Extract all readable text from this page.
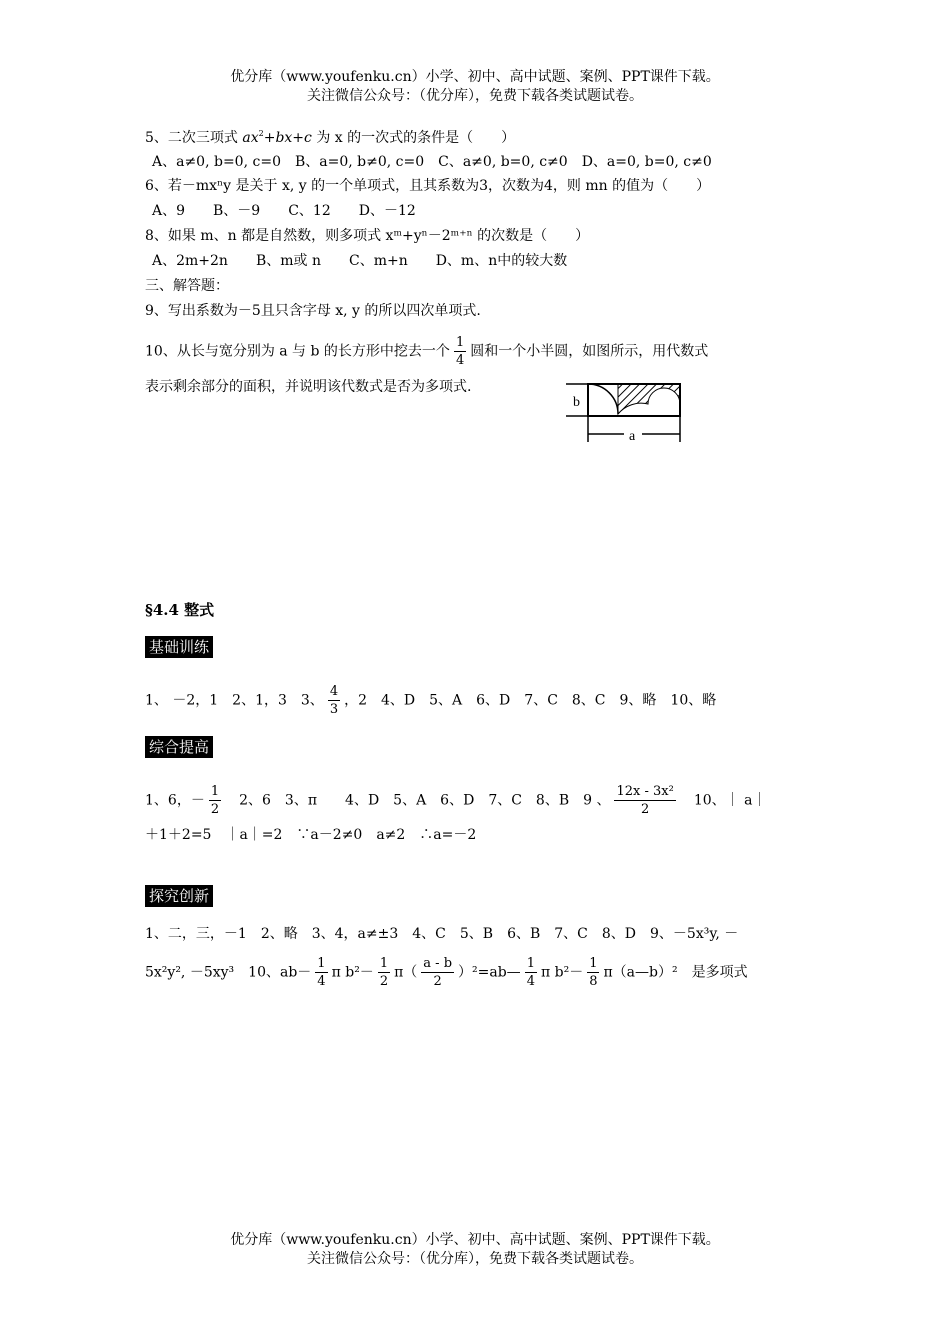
优分库（www.youfenku.cn）小学、初中、高中试题、案例、PPT课件下载。
关注微信公众号：（优分库），免费下载各类试题试卷。
5、二次三项式 $ax^2+bx+c$ 为 x 的一次式的条件是（　　）
A、a≠0, b=0, c=0　B、a=0, b≠0, c=0　C、a≠0, b=0, c≠0　D、a=0, b=0, c≠0
6、若－mxⁿy 是关于 x, y 的一个单项式，且其系数为3，次数为4，则 mn 的值为（　　）
A、9　　B、－9　　C、12　　D、－12
8、如果 m、n 都是自然数，则多项式 xᵐ+yⁿ－2ᵐ⁺ⁿ 的次数是（　　）
A、2m+2n　　B、m或 n　　C、m+n　　D、m、n中的较大数
三、解答题：
9、写出系数为－5且只含字母 x, y 的所以四次单项式.
10、从长与宽分别为 a 与 b 的长方形中挖去一个 $\frac{1}{4}$ 圆和一个小半圆，如图所示，用代数式
表示剩余部分的面积，并说明该代数式是否为多项式.
b
a
§4.4 整式
基础训练
1、 －2，1　2、1，3　3、 $\frac{4}{3}$ ，2　4、D　5、A　6、D　7、C　8、C　9、略　10、略
综合提高
1、6，－ $\frac{1}{2}$ 　2、6　3、π　　4、D　5、A　6、D　7、C　8、B　9 、 $\frac{\text{12x - 3x²}}{2}$ 　10、｜ a｜
＋1＋2=5　｜a｜=2　∵a－2≠0　a≠2　∴a=－2
探究创新
1、二，三，－1　2、略　3、4，a≠±3　4、C　5、B　6、B　7、C　8、D　9、－5x³y, －
5x²y², －5xy³　10、$ab- \frac{1}{4}$ π $b^2- \frac{1}{2} \pi( \frac{a - b}{2}$ ）²=ab— $\frac{1}{4}$ π $b^2- \frac{1}{8}$ π（a—b）²　是多项式
优分库（www.youfenku.cn）小学、初中、高中试题、案例、PPT课件下载。
关注微信公众号：（优分库），免费下载各类试题试卷。
